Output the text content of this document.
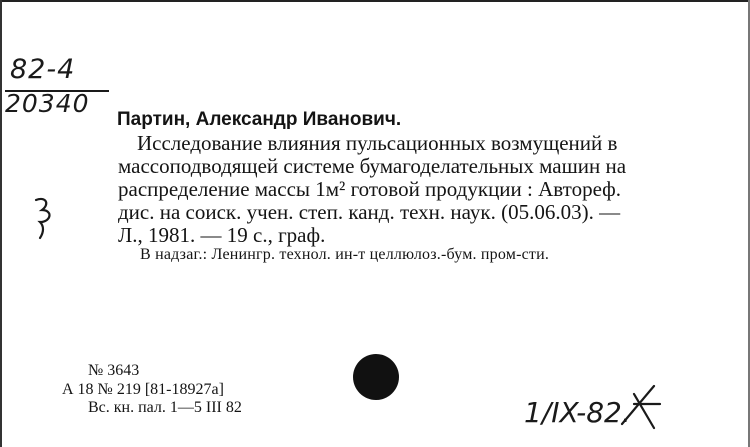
82-4
20340
Партин, Александр Иванович.
Исследование влияния пульсационных возмущений в
массоподводящей системе бумагоделательных машин на
распределение массы 1м² готовой продукции : Автореф.
дис. на соиск. учен. степ. канд. техн. наук. (05.06.03). —
Л., 1981. — 19 с., граф.
В надзаг.: Ленингр. технол. ин-т целлюлоз.-бум. пром-сти.
№ 3643
А 18 № 219 [81-18927а]
Вс. кн. пал. 1—5 III 82	1/IX-82.
